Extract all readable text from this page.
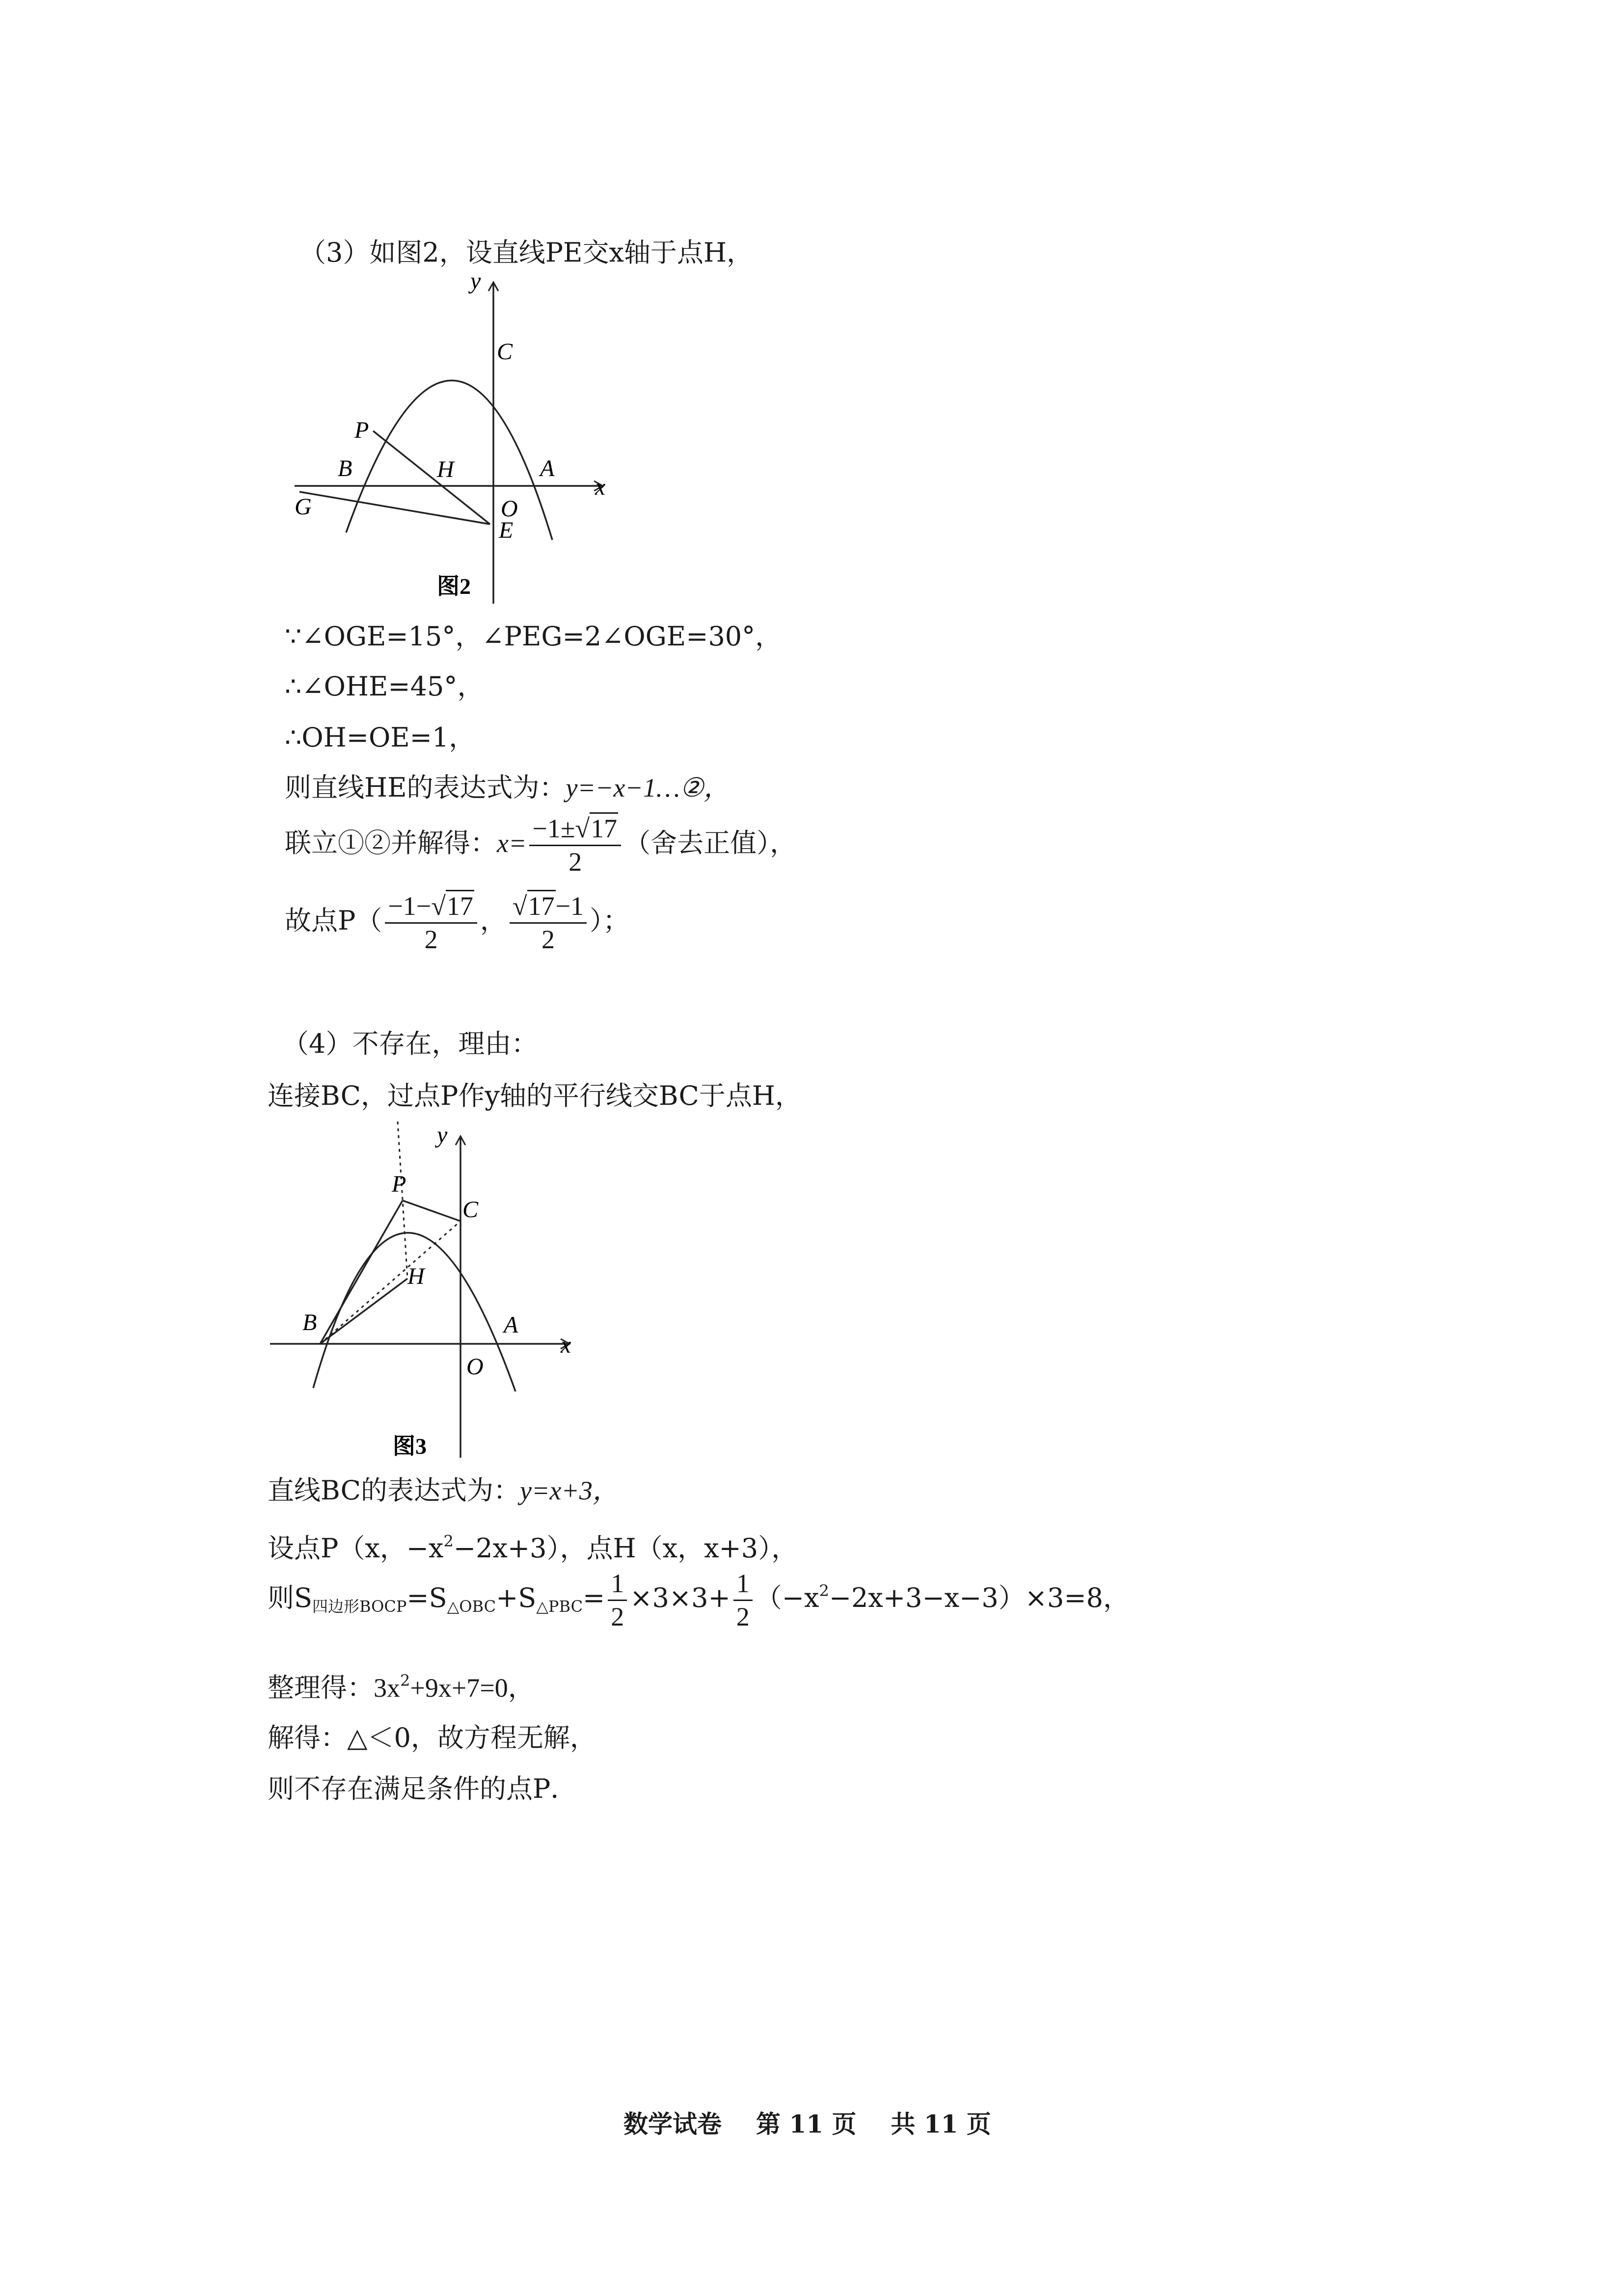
（3）如图2，设直线PE交x轴于点H，
y
x
C
P
B	H	A
G	O
E
图2
∵∠OGE=15°，∠PEG=2∠OGE=30°，
∴∠OHE=45°，
∴OH=OE=1，
则直线HE的表达式为：y=−x−1…②，
联立①②并解得：$x= \frac{-1\pm√17}{2}$ （舍去正值），
故点$P( \frac{-1-√17}{2}$ ， $\frac{√17-1}{2}$ ）；
（4）不存在，理由：
连接BC，过点P作y轴的平行线交BC于点H，
y
x
P
C
H
B	A
O
图3
直线BC的表达式为：y=x+3，
设点P（x，$-x^2-2x+3$），点H（x，x+3），
则$S_{四边形BOCP}=S_{\triangle OBC}+S_{\triangle PBC}= \frac{1}{2} \times 3\times 3+ \frac{1}{2} (-x^2-2x+3-x-3)\times 3=8$，
整理得：$3x^2+9x+7=0$，
解得：△＜0，故方程无解，
则不存在满足条件的点P．
数学试卷 第 11 页 共 11 页
